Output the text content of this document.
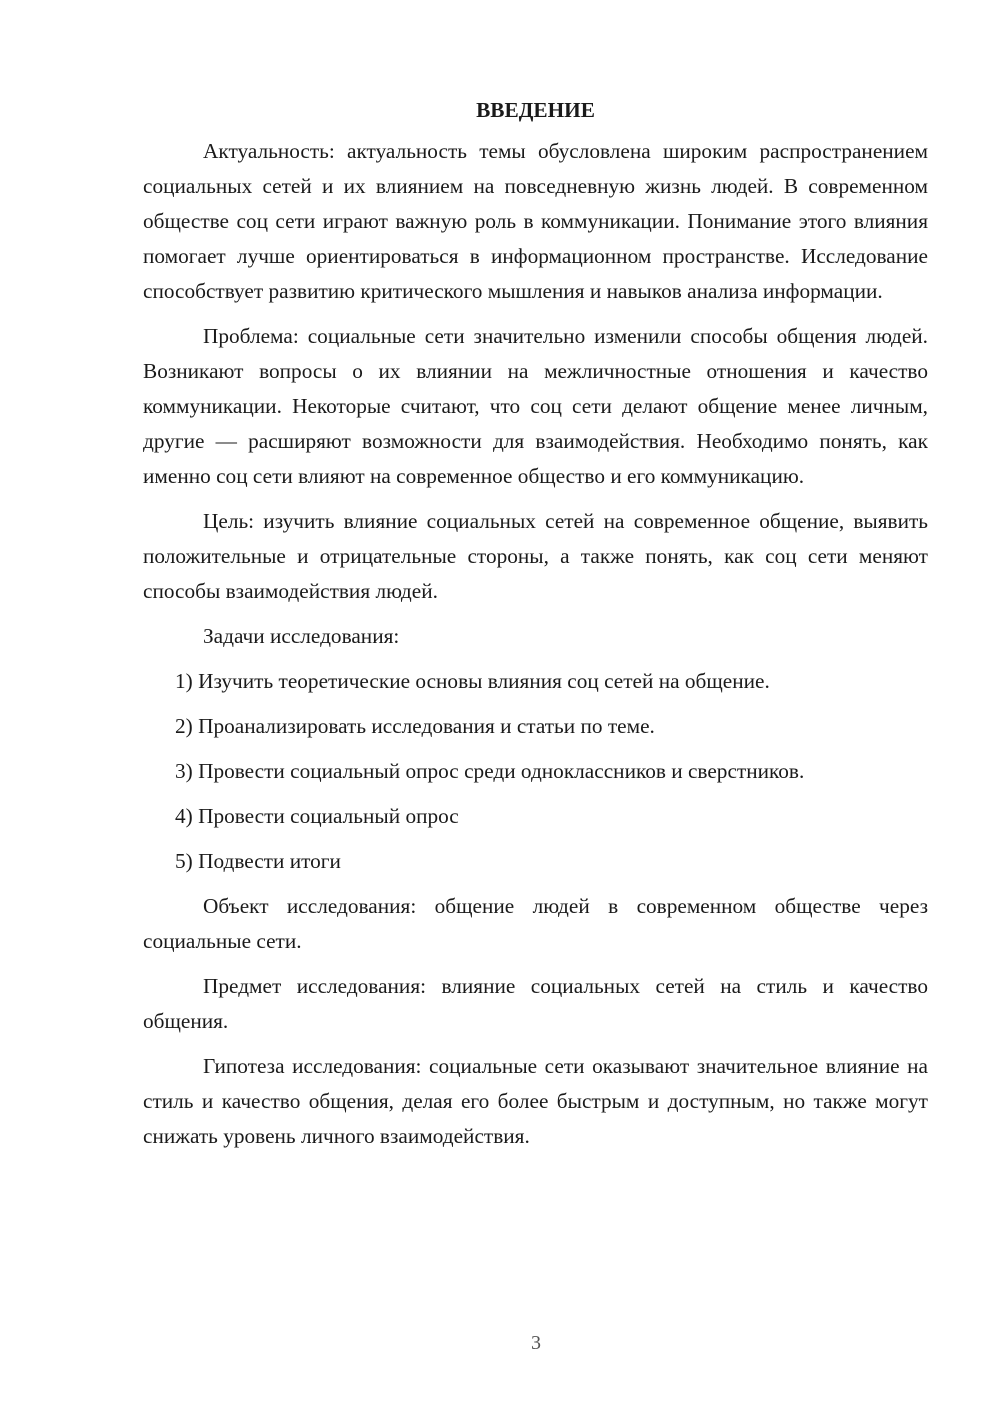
ВВЕДЕНИЕ

Актуальность: актуальность темы обусловлена широким распространением социальных сетей и их влиянием на повседневную жизнь людей. В современном обществе соц сети играют важную роль в коммуникации. Понимание этого влияния помогает лучше ориентироваться в информационном пространстве. Исследование способствует развитию критического мышления и навыков анализа информации.

Проблема: социальные сети значительно изменили способы общения людей. Возникают вопросы о их влиянии на межличностные отношения и качество коммуникации. Некоторые считают, что соц сети делают общение менее личным, другие — расширяют возможности для взаимодействия. Необходимо понять, как именно соц сети влияют на современное общество и его коммуникацию.

Цель: изучить влияние социальных сетей на современное общение, выявить положительные и отрицательные стороны, а также понять, как соц сети меняют способы взаимодействия людей.

Задачи исследования:

1) Изучить теоретические основы влияния соц сетей на общение.
2) Проанализировать исследования и статьи по теме.
3) Провести социальный опрос среди одноклассников и сверстников.
4) Провести социальный опрос
5) Подвести итоги

Объект исследования: общение людей в современном обществе через социальные сети.

Предмет исследования: влияние социальных сетей на стиль и качество общения.

Гипотеза исследования: социальные сети оказывают значительное влияние на стиль и качество общения, делая его более быстрым и доступным, но также могут снижать уровень личного взаимодействия.

3
